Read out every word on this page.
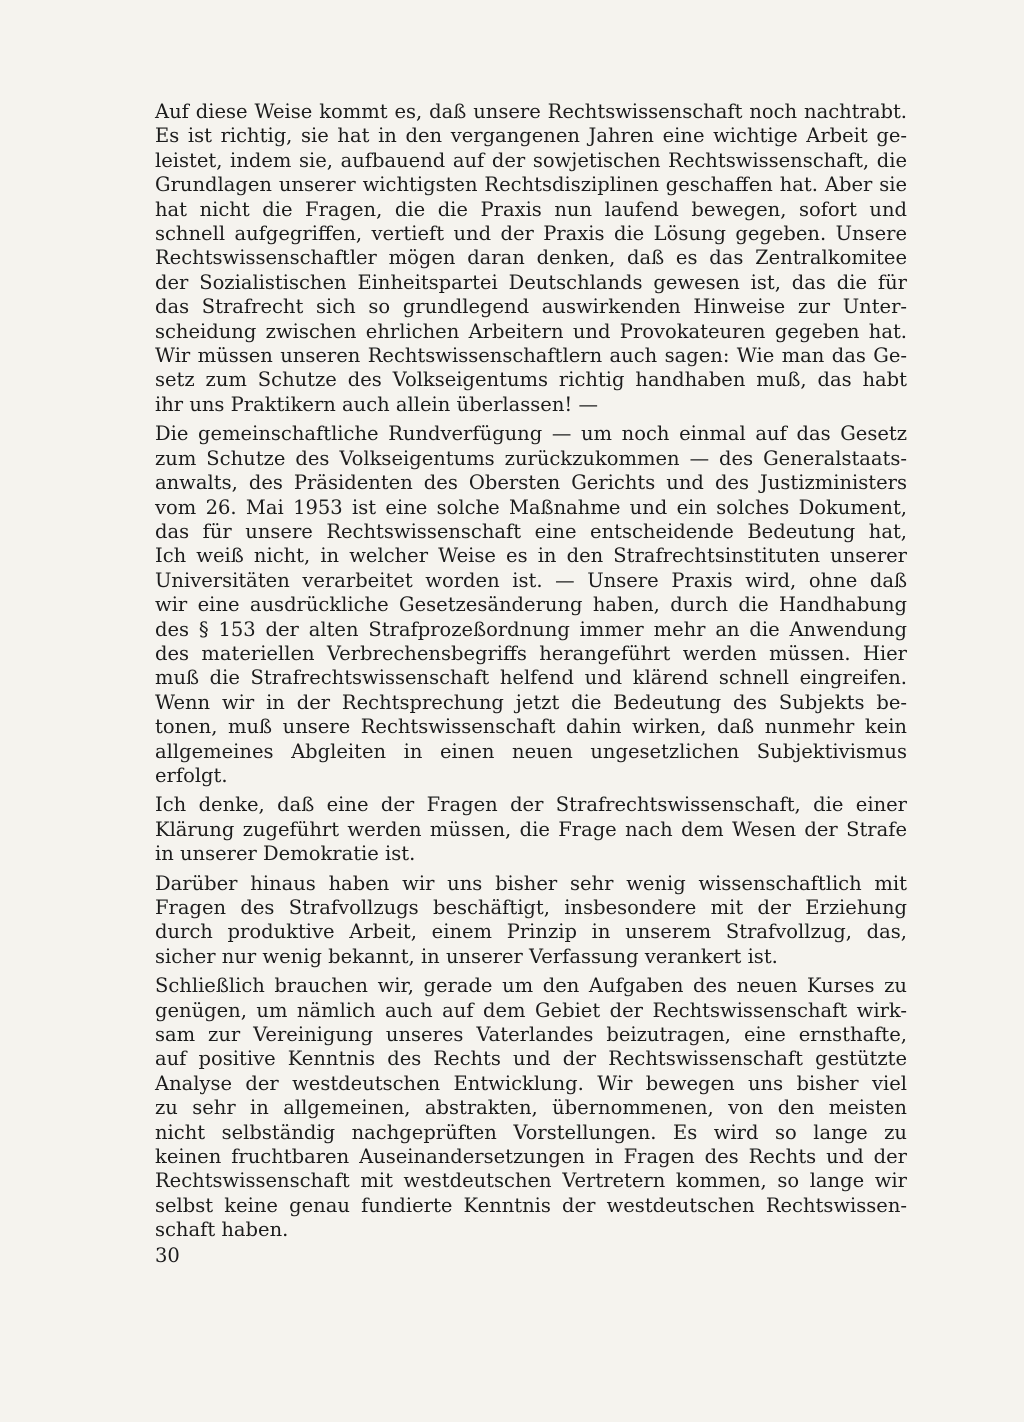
Auf diese Weise kommt es, daß unsere Rechtswissenschaft noch nachtrabt.
Es ist richtig, sie hat in den vergangenen Jahren eine wichtige Arbeit ge-
leistet, indem sie, aufbauend auf der sowjetischen Rechtswissenschaft, die
Grundlagen unserer wichtigsten Rechtsdisziplinen geschaffen hat. Aber sie
hat nicht die Fragen, die die Praxis nun laufend bewegen, sofort und
schnell aufgegriffen, vertieft und der Praxis die Lösung gegeben. Unsere
Rechtswissenschaftler mögen daran denken, daß es das Zentralkomitee
der Sozialistischen Einheitspartei Deutschlands gewesen ist, das die für
das Strafrecht sich so grundlegend auswirkenden Hinweise zur Unter-
scheidung zwischen ehrlichen Arbeitern und Provokateuren gegeben hat.
Wir müssen unseren Rechtswissenschaftlern auch sagen: Wie man das Ge-
setz zum Schutze des Volkseigentums richtig handhaben muß, das habt
ihr uns Praktikern auch allein überlassen! —
Die gemeinschaftliche Rundverfügung — um noch einmal auf das Gesetz
zum Schutze des Volkseigentums zurückzukommen — des Generalstaats-
anwalts, des Präsidenten des Obersten Gerichts und des Justizministers
vom 26. Mai 1953 ist eine solche Maßnahme und ein solches Dokument,
das für unsere Rechtswissenschaft eine entscheidende Bedeutung hat,
Ich weiß nicht, in welcher Weise es in den Strafrechtsinstituten unserer
Universitäten verarbeitet worden ist. — Unsere Praxis wird, ohne daß
wir eine ausdrückliche Gesetzesänderung haben, durch die Handhabung
des § 153 der alten Strafprozeßordnung immer mehr an die Anwendung
des materiellen Verbrechensbegriffs herangeführt werden müssen. Hier
muß die Strafrechtswissenschaft helfend und klärend schnell eingreifen.
Wenn wir in der Rechtsprechung jetzt die Bedeutung des Subjekts be-
tonen, muß unsere Rechtswissenschaft dahin wirken, daß nunmehr kein
allgemeines Abgleiten in einen neuen ungesetzlichen Subjektivismus
erfolgt.
Ich denke, daß eine der Fragen der Strafrechtswissenschaft, die einer
Klärung zugeführt werden müssen, die Frage nach dem Wesen der Strafe
in unserer Demokratie ist.
Darüber hinaus haben wir uns bisher sehr wenig wissenschaftlich mit
Fragen des Strafvollzugs beschäftigt, insbesondere mit der Erziehung
durch produktive Arbeit, einem Prinzip in unserem Strafvollzug, das,
sicher nur wenig bekannt, in unserer Verfassung verankert ist.
Schließlich brauchen wir, gerade um den Aufgaben des neuen Kurses zu
genügen, um nämlich auch auf dem Gebiet der Rechtswissenschaft wirk-
sam zur Vereinigung unseres Vaterlandes beizutragen, eine ernsthafte,
auf positive Kenntnis des Rechts und der Rechtswissenschaft gestützte
Analyse der westdeutschen Entwicklung. Wir bewegen uns bisher viel
zu sehr in allgemeinen, abstrakten, übernommenen, von den meisten
nicht selbständig nachgeprüften Vorstellungen. Es wird so lange zu
keinen fruchtbaren Auseinandersetzungen in Fragen des Rechts und der
Rechtswissenschaft mit westdeutschen Vertretern kommen, so lange wir
selbst keine genau fundierte Kenntnis der westdeutschen Rechtswissen-
schaft haben.
30
